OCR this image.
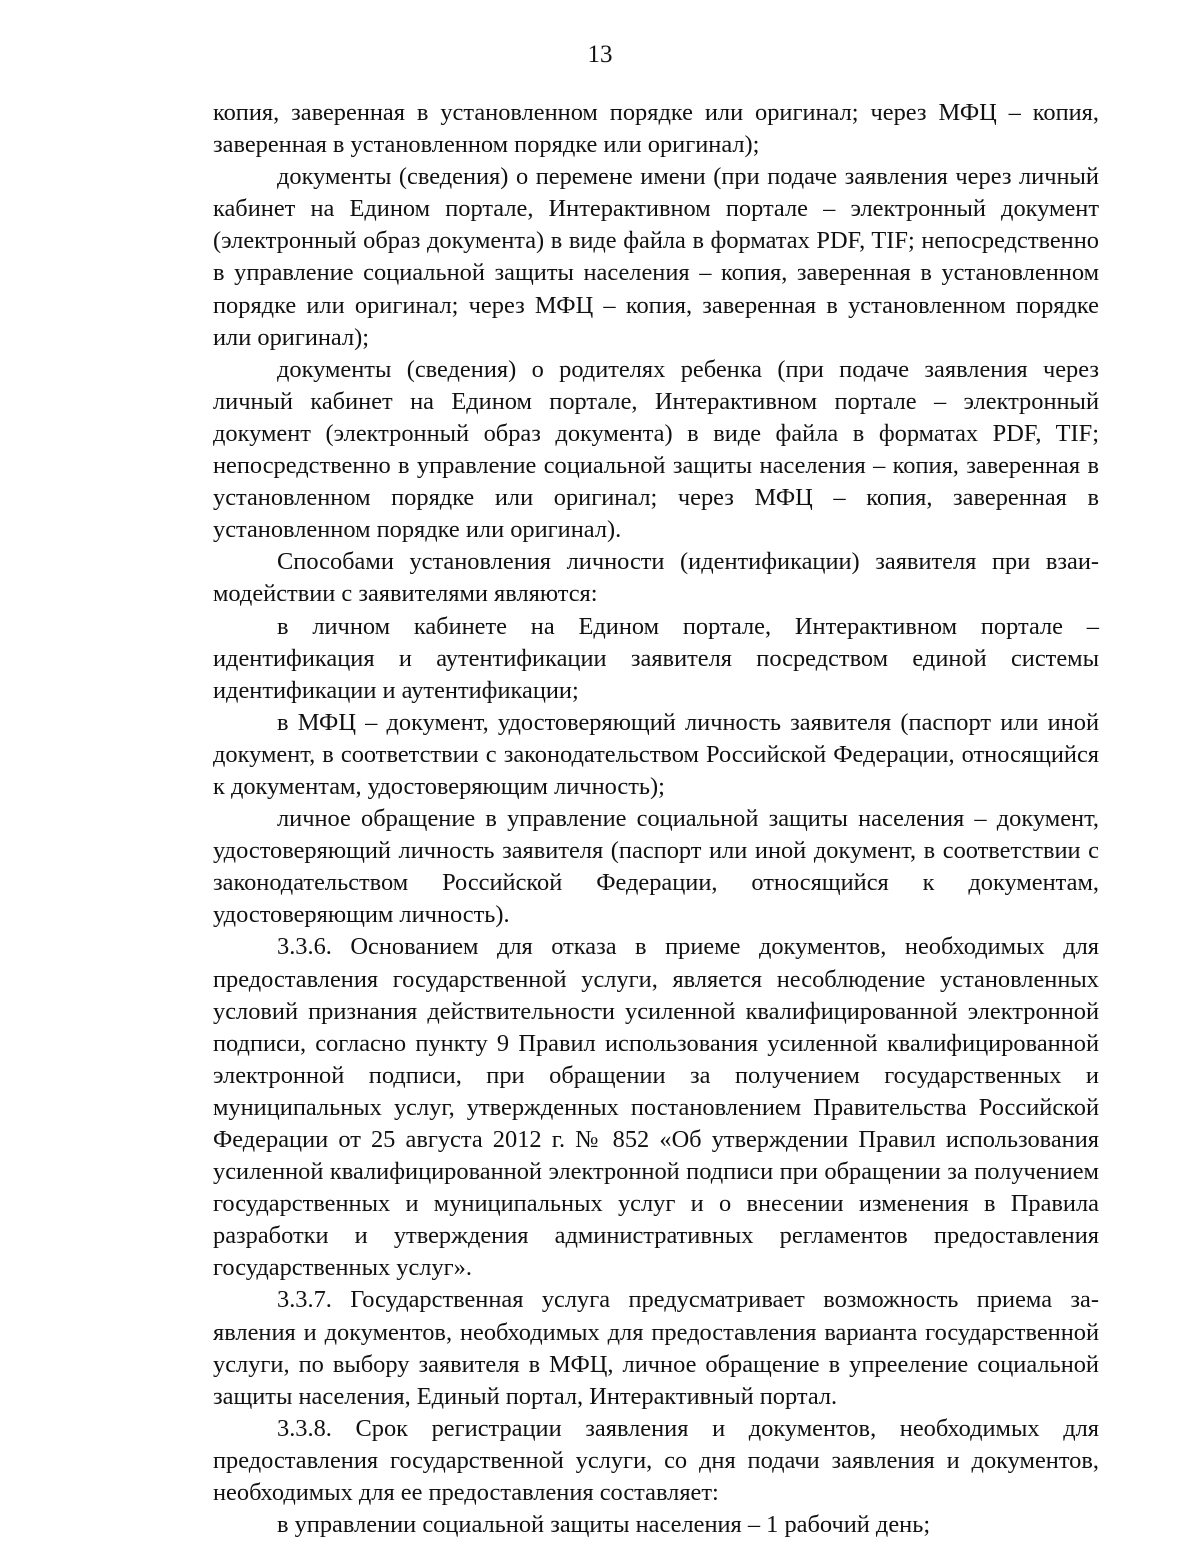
13

копия, заверенная в установленном порядке или оригинал; через МФЦ – копия, заверенная в установленном порядке или оригинал);

документы (сведения) о перемене имени (при подаче заявления через личный кабинет на Едином портале, Интерактивном портале – электронный документ (электронный образ документа) в виде файла в форматах PDF, TIF; непосредственно в управление социальной защиты населения – копия, заверенная в установленном порядке или оригинал; через МФЦ – копия, заверенная в установленном порядке или оригинал);

документы (сведения) о родителях ребенка (при подаче заявления через личный кабинет на Едином портале, Интерактивном портале – электронный документ (электронный образ документа) в виде файла в форматах PDF, TIF; непосредственно в управление социальной защиты населения – копия, заверенная в установленном порядке или оригинал; через МФЦ – копия, заверенная в установленном порядке или оригинал).

Способами установления личности (идентификации) заявителя при взаимодействии с заявителями являются:

в личном кабинете на Едином портале, Интерактивном портале – идентификация и аутентификации заявителя посредством единой системы идентификации и аутентификации;

в МФЦ – документ, удостоверяющий личность заявителя (паспорт или иной документ, в соответствии с законодательством Российской Федерации, относящийся к документам, удостоверяющим личность);

личное обращение в управление социальной защиты населения – документ, удостоверяющий личность заявителя (паспорт или иной документ, в соответствии с законодательством Российской Федерации, относящийся к документам, удостоверяющим личность).

3.3.6. Основанием для отказа в приеме документов, необходимых для предоставления государственной услуги, является несоблюдение установленных условий признания действительности усиленной квалифицированной электронной подписи, согласно пункту 9 Правил использования усиленной квалифицированной электронной подписи, при обращении за получением государственных и муниципальных услуг, утвержденных постановлением Правительства Российской Федерации от 25 августа 2012 г. № 852 «Об утверждении Правил использования усиленной квалифицированной электронной подписи при обращении за получением государственных и муниципальных услуг и о внесении изменения в Правила разработки и утверждения административных регламентов предоставления государственных услуг».

3.3.7. Государственная услуга предусматривает возможность приема заявления и документов, необходимых для предоставления варианта государственной услуги, по выбору заявителя в МФЦ, личное обращение в упрееление социальной защиты населения, Единый портал, Интерактивный портал.

3.3.8. Срок регистрации заявления и документов, необходимых для предоставления государственной услуги, со дня подачи заявления и документов, необходимых для ее предоставления составляет:

в управлении социальной защиты населения – 1 рабочий день;
